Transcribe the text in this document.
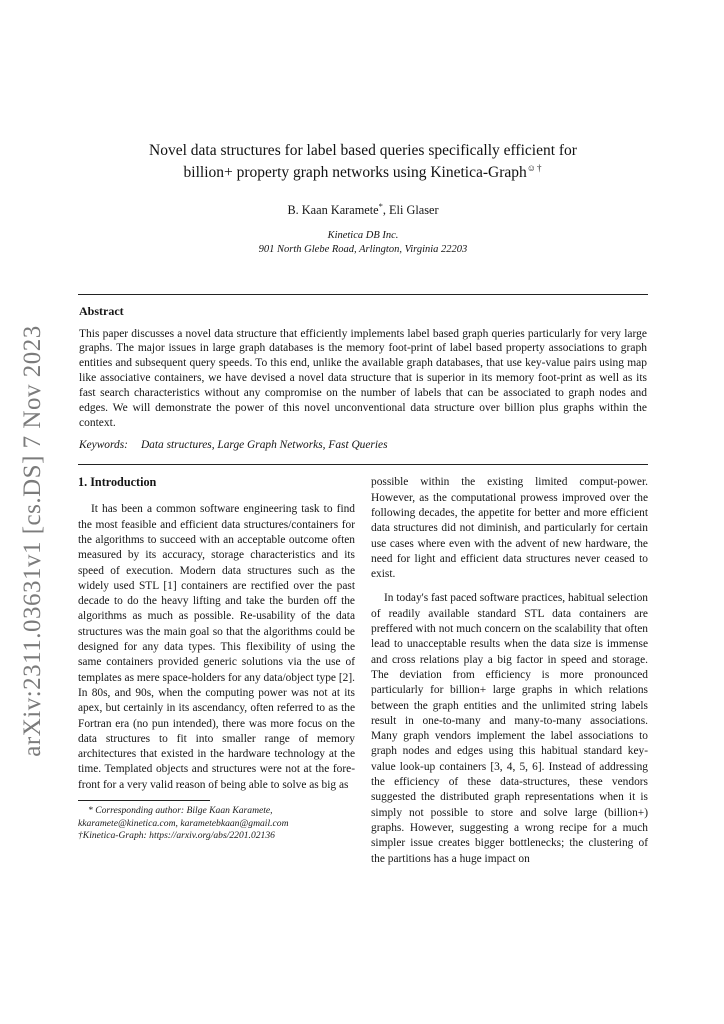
arXiv:2311.03631v1 [cs.DS] 7 Nov 2023
Novel data structures for label based queries specifically efficient for
billion+ property graph networks using Kinetica-Graph☺†
B. Kaan Karamete*, Eli Glaser
Kinetica DB Inc.
901 North Glebe Road, Arlington, Virginia 22203
Abstract

This paper discusses a novel data structure that efficiently implements label based graph queries particularly for very large graphs. The major issues in large graph databases is the memory foot-print of label based property associations to graph entities and subsequent query speeds. To this end, unlike the available graph databases, that use key-value pairs using map like associative containers, we have devised a novel data structure that is superior in its memory foot-print as well as its fast search characteristics without any compromise on the number of labels that can be associated to graph nodes and edges. We will demonstrate the power of this novel unconventional data structure over billion plus graphs within the context.

Keywords: Data structures, Large Graph Networks, Fast Queries
1. Introduction

It has been a common software engineering task to find the most feasible and efficient data structures/containers for the algorithms to succeed with an acceptable outcome often measured by its accuracy, storage characteristics and its speed of execution. Modern data structures such as the widely used STL [1] containers are rectified over the past decade to do the heavy lifting and take the burden off the algorithms as much as possible. Re-usability of the data structures was the main goal so that the algorithms could be designed for any data types. This flexibility of using the same containers provided generic solutions via the use of templates as mere space-holders for any data/object type [2]. In 80s, and 90s, when the computing power was not at its apex, but certainly in its ascendancy, often referred to as the Fortran era (no pun intended), there was more focus on the data structures to fit into smaller range of memory architectures that existed in the hardware technology at the time. Templated objects and structures were not at the fore-front for a very valid reason of being able to solve as big as

* Corresponding author: Bilge Kaan Karamete,
kkaramete@kinetica.com, karametebkaan@gmail.com
†Kinetica-Graph: https://arxiv.org/abs/2201.02136

possible within the existing limited comput-power. However, as the computational prowess improved over the following decades, the appetite for better and more efficient data structures did not diminish, and particularly for certain use cases where even with the advent of new hardware, the need for light and efficient data structures never ceased to exist.

In today's fast paced software practices, habitual selection of readily available standard STL data containers are preffered with not much concern on the scalability that often lead to unacceptable results when the data size is immense and cross relations play a big factor in speed and storage. The deviation from efficiency is more pronounced particularly for billion+ large graphs in which relations between the graph entities and the unlimited string labels result in one-to-many and many-to-many associations. Many graph vendors implement the label associations to graph nodes and edges using this habitual standard key-value look-up containers [3, 4, 5, 6]. Instead of addressing the efficiency of these data-structures, these vendors suggested the distributed graph representations when it is simply not possible to store and solve large (billion+) graphs. However, suggesting a wrong recipe for a much simpler issue creates bigger bottlenecks; the clustering of the partitions has a huge impact on
